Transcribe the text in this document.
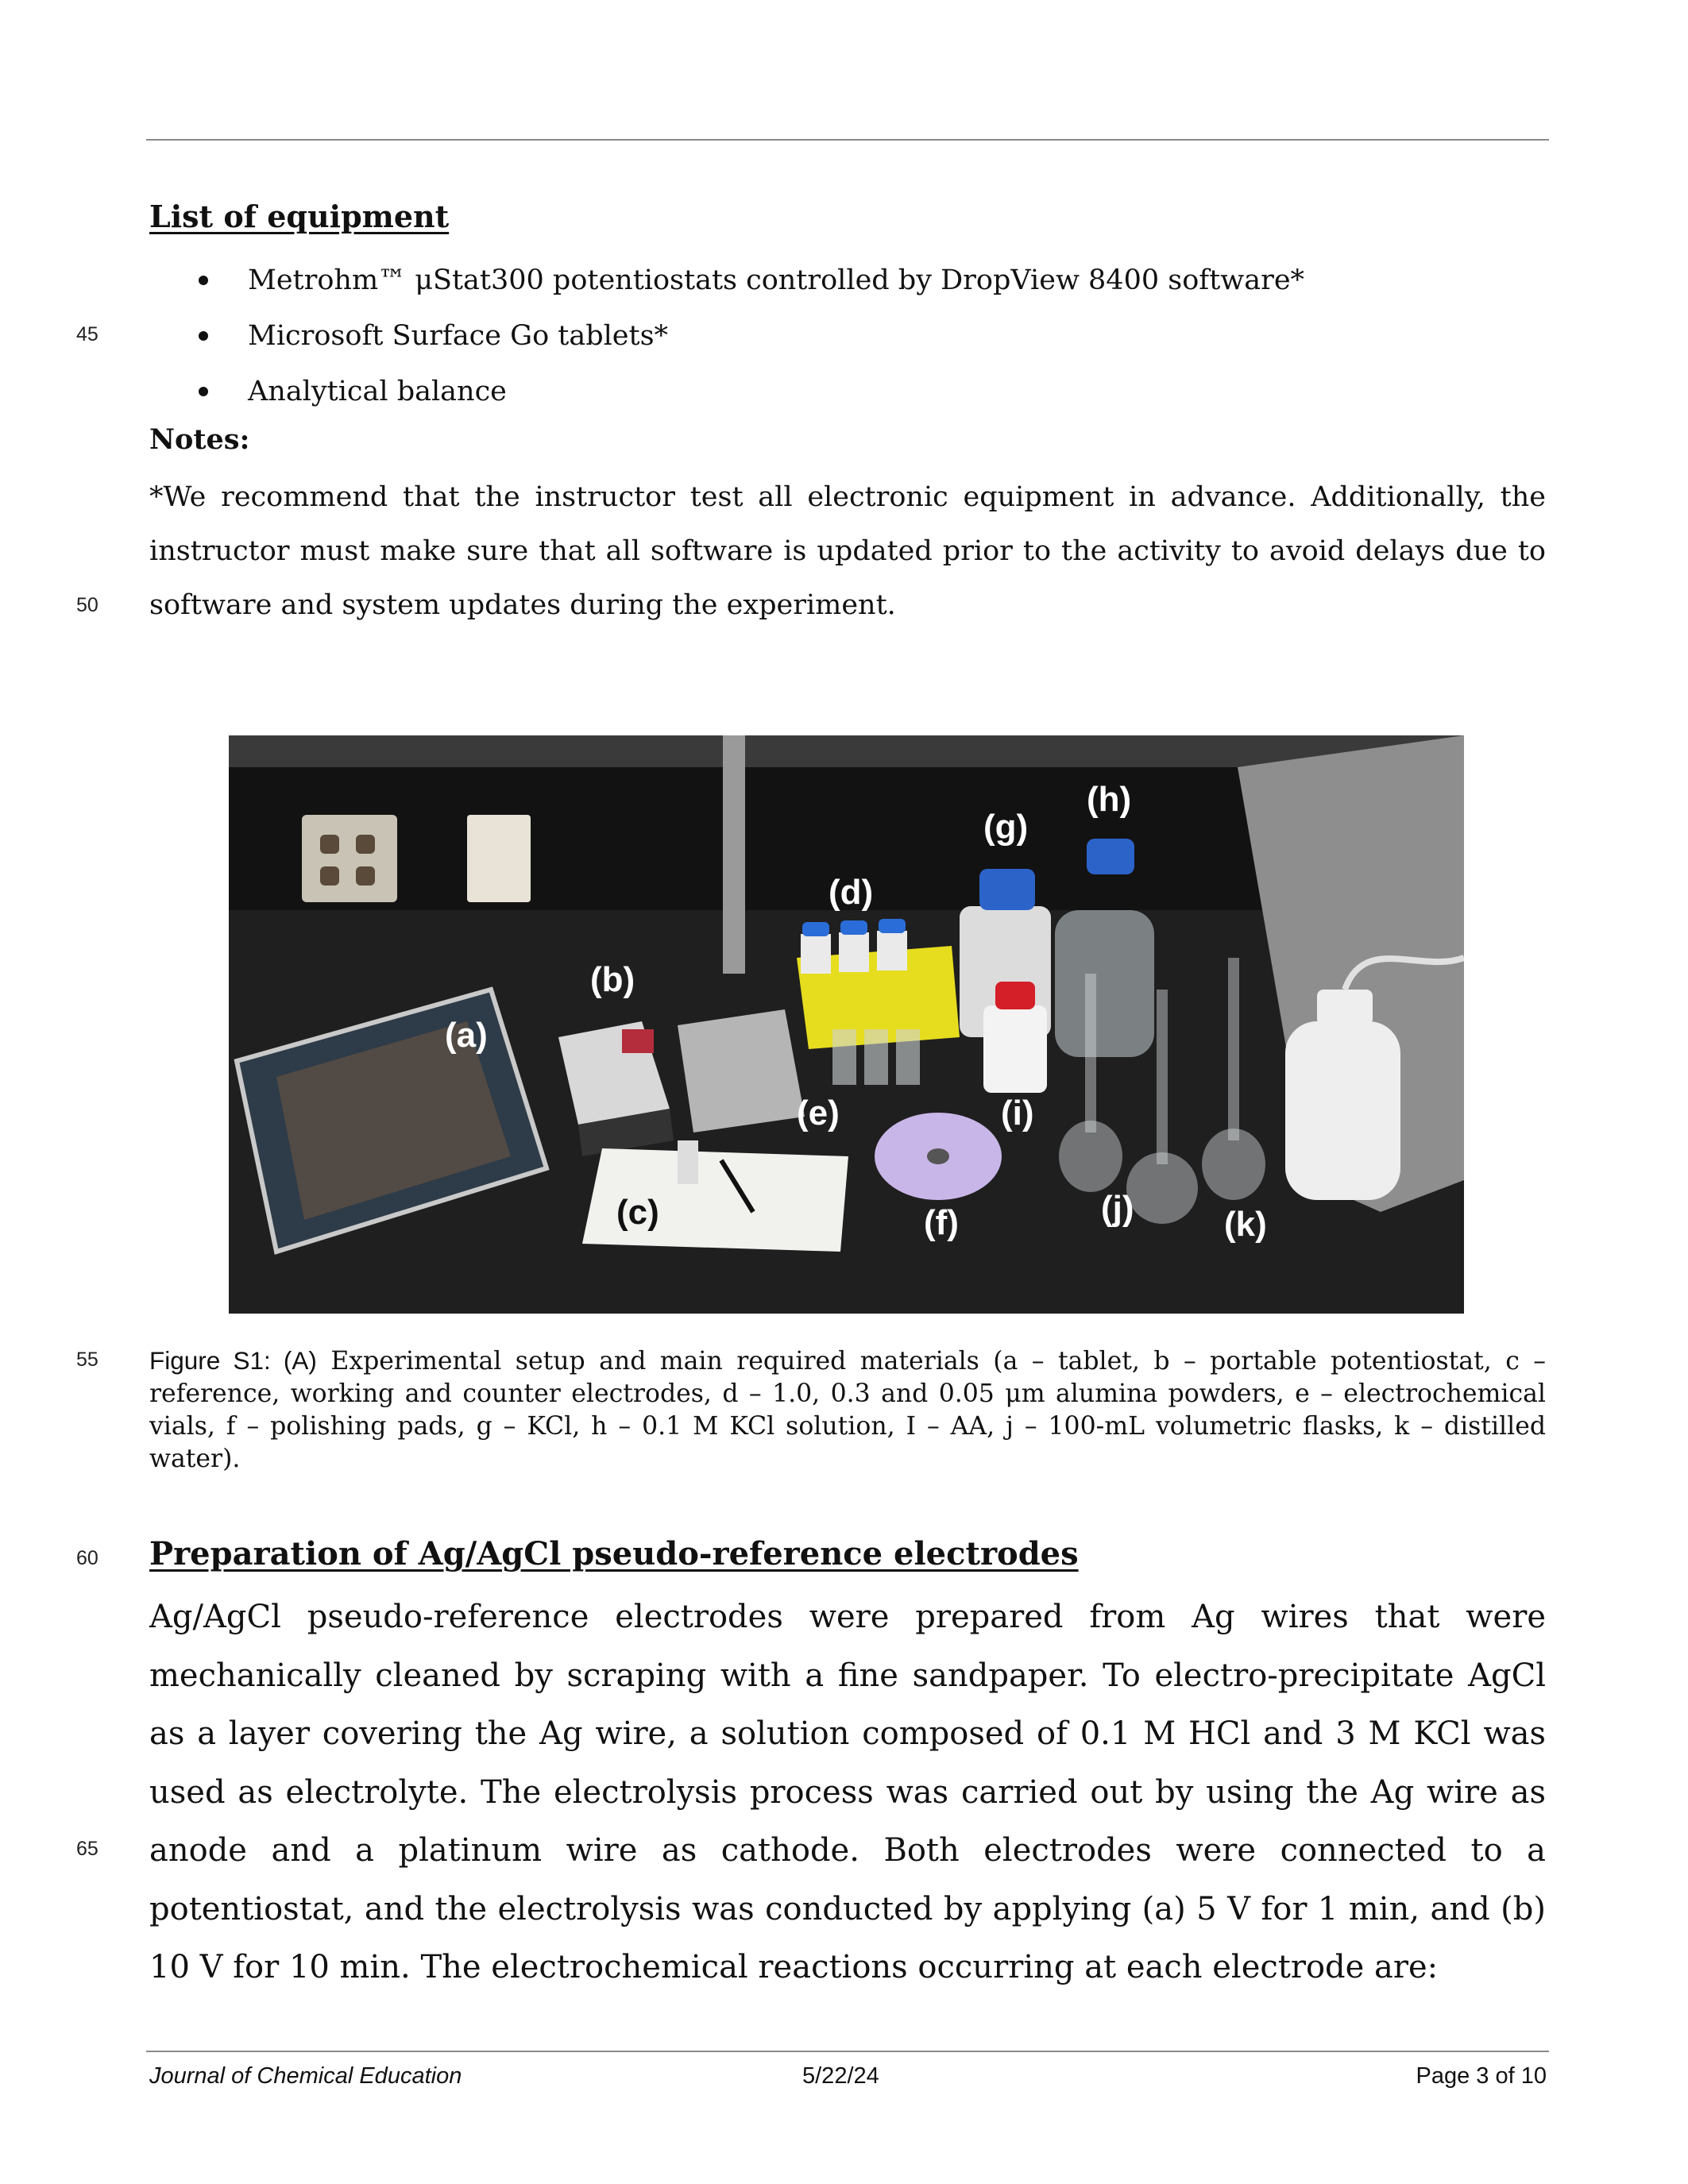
45
50
55
60
65
List of equipment
Metrohm™ μStat300 potentiostats controlled by DropView 8400 software*
Microsoft Surface Go tablets*
Analytical balance
Notes:

*We recommend that the instructor test all electronic equipment in advance. Additionally, the instructor must make sure that all software is updated prior to the activity to avoid delays due to software and system updates during the experiment.

(a)
(b)
(c)
(d)
(e)
(f)
(g)
(h)
(i)
(j)	(k)

Figure S1: (A) Experimental setup and main required materials (a – tablet, b – portable potentiostat, c – reference, working and counter electrodes, d – 1.0, 0.3 and 0.05 μm alumina powders, e – electrochemical vials, f – polishing pads, g – KCl, h – 0.1 M KCl solution, I – AA, j – 100-mL volumetric flasks, k – distilled water).

Preparation of Ag/AgCl pseudo-reference electrodes

Ag/AgCl pseudo-reference electrodes were prepared from Ag wires that were mechanically cleaned by scraping with a fine sandpaper. To electro-precipitate AgCl as a layer covering the Ag wire, a solution composed of 0.1 M HCl and 3 M KCl was used as electrolyte. The electrolysis process was carried out by using the Ag wire as anode and a platinum wire as cathode. Both electrodes were connected to a potentiostat, and the electrolysis was conducted by applying (a) 5 V for 1 min, and (b) 10 V for 10 min. The electrochemical reactions occurring at each electrode are:

Journal of Chemical Education	5/22/24	Page 3 of 10
